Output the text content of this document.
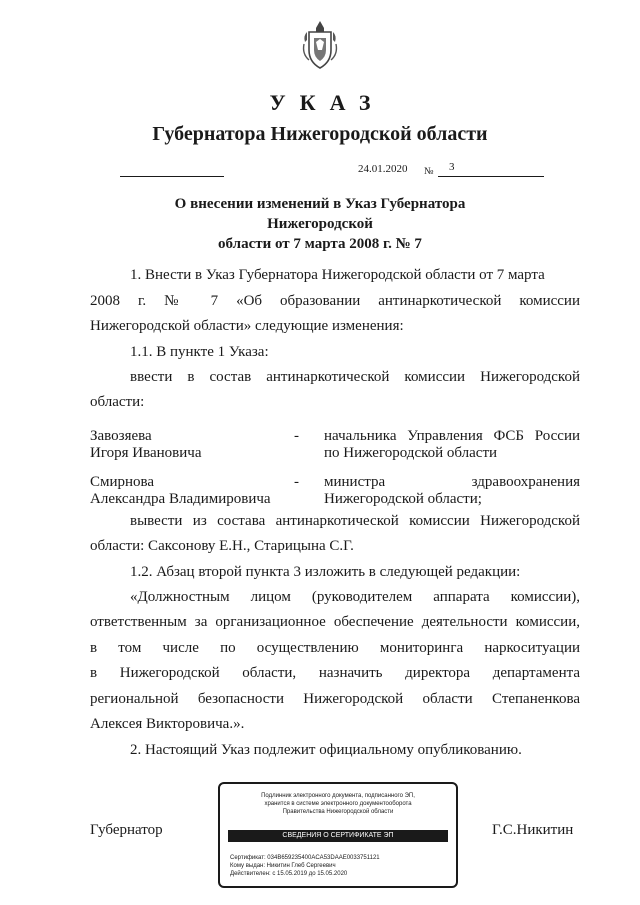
УКАЗ
Губернатора Нижегородской области
24.01.2020 № 3
О внесении изменений в Указ Губернатора Нижегородской
области от 7 марта 2008 г. № 7
1. Внести в Указ Губернатора Нижегородской области от 7 марта
2008 г. № 7 «Об образовании антинаркотической комиссии
Нижегородской области» следующие изменения:
1.1. В пункте 1 Указа:
ввести в состав антинаркотической комиссии Нижегородской
области:
Завозяева
Игоря Ивановича
- начальника Управления ФСБ России
по Нижегородской области
Смирнова
Александра Владимировича
- министра здравоохранения
Нижегородской области;
вывести из состава антинаркотической комиссии Нижегородской
области: Саксонову Е.Н., Старицына С.Г.
1.2. Абзац второй пункта 3 изложить в следующей редакции:
«Должностным лицом (руководителем аппарата комиссии),
ответственным за организационное обеспечение деятельности комиссии,
в том числе по осуществлению мониторинга наркоситуации
в Нижегородской области, назначить директора департамента
региональной безопасности Нижегородской области Степаненкова
Алексея Викторовича.».
2. Настоящий Указ подлежит официальному опубликованию.
Губернатор	Г.С.Никитин
Подлинник электронного документа, подписанного ЭП,
хранится в системе электронного документооборота
Правительства Нижегородской области
СВЕДЕНИЯ О СЕРТИФИКАТЕ ЭП
Сертификат: 034B659235400ACA53DAAE0033751121
Кому выдан: Никитин Глеб Сергеевич
Действителен: с 15.05.2019 до 15.05.2020
